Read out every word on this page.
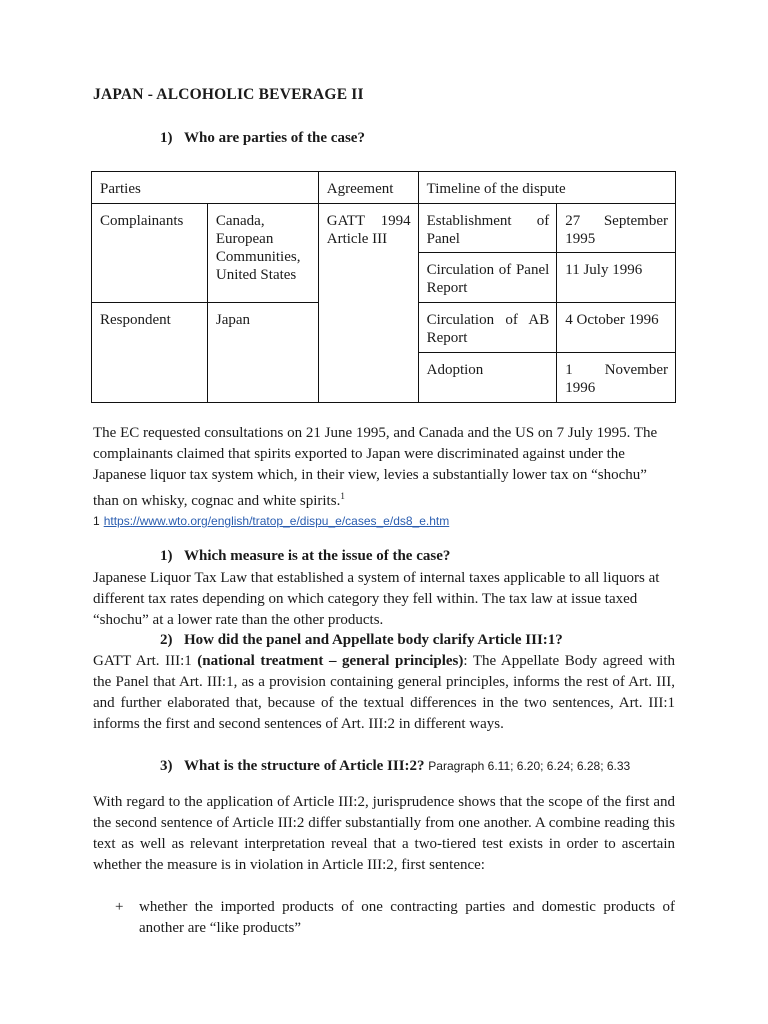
JAPAN - ALCOHOLIC BEVERAGE II
1) Who are parties of the case?
Parties		Agreement	Timeline of the dispute	
Complainants	Canada, European Communities, United States	GATT 1994 Article III	Establishment of Panel	27 September 1995
			Circulation of Panel Report	11 July 1996
Respondent	Japan		Circulation of AB Report	4 October 1996
			Adoption	1 November 1996
The EC requested consultations on 21 June 1995, and Canada and the US on 7 July 1995. The complainants claimed that spirits exported to Japan were discriminated against under the Japanese liquor tax system which, in their view, levies a substantially lower tax on “shochu” than on whisky, cognac and white spirits.$^1$
1 https://www.wto.org/english/tratop_e/dispu_e/cases_e/ds8_e.htm
1) Which measure is at the issue of the case?
Japanese Liquor Tax Law that established a system of internal taxes applicable to all liquors at different tax rates depending on which category they fell within. The tax law at issue taxed “shochu” at a lower rate than the other products.
2) How did the panel and Appellate body clarify Article III:1?
GATT Art. III:1 (national treatment – general principles): The Appellate Body agreed with the Panel that Art. III:1, as a provision containing general principles, informs the rest of Art. III, and further elaborated that, because of the textual differences in the two sentences, Art. III:1 informs the first and second sentences of Art. III:2 in different ways.
3) What is the structure of Article III:2? Paragraph 6.11; 6.20; 6.24; 6.28; 6.33
With regard to the application of Article III:2, jurisprudence shows that the scope of the first and the second sentence of Article III:2 differ substantially from one another. A combine reading this text as well as relevant interpretation reveal that a two-tiered test exists in order to ascertain whether the measure is in violation in Article III:2, first sentence:
+	whether the imported products of one contracting parties and domestic products of another are “like products”
